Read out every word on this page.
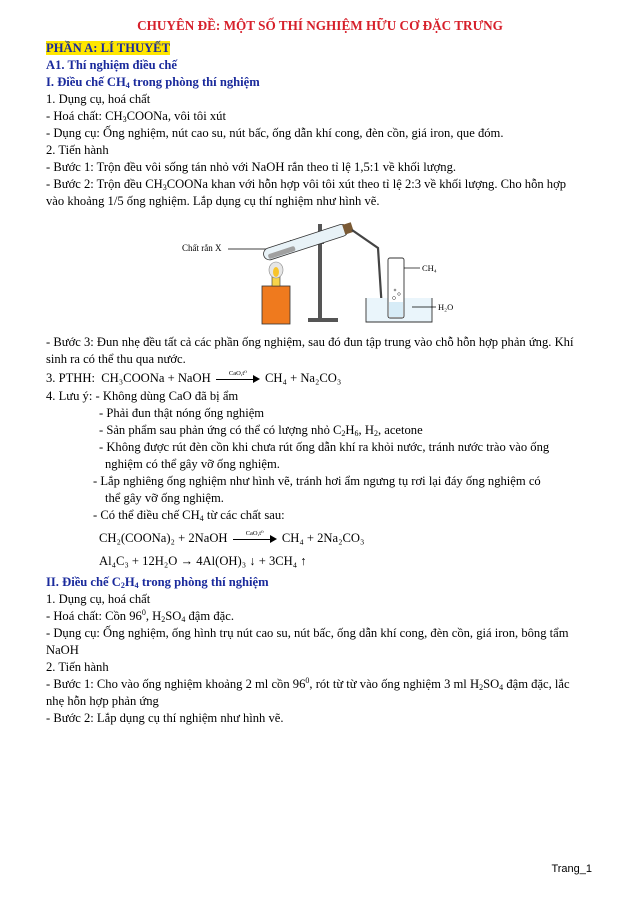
CHUYÊN ĐỀ: MỘT SỐ THÍ NGHIỆM HỮU CƠ ĐẶC TRƯNG
PHẦN A: LÍ THUYẾT
A1. Thí nghiệm điều chế
I. Điều chế $CH_4$ trong phòng thí nghiệm
1. Dụng cụ, hoá chất
- Hoá chất: $CH_3COONa$, vôi tôi xút
- Dụng cụ: Ống nghiệm, nút cao su, nút bấc, ống dẫn khí cong, đèn cồn, giá iron, que đóm.
2. Tiến hành
- Bước 1: Trộn đều vôi sống tán nhỏ với NaOH rắn theo tỉ lệ 1,5:1 về khối lượng.
- Bước 2: Trộn đều $CH_3COONa$ khan với hỗn hợp vôi tôi xút theo tỉ lệ 2:3 về khối lượng. Cho hỗn hợp
vào khoảng 1/5 ống nghiệm. Lắp dụng cụ thí nghiệm như hình vẽ.
Chất rắn X
CH₄
H₂O
- Bước 3: Đun nhẹ đều tất cả các phần ống nghiệm, sau đó đun tập trung vào chỗ hỗn hợp phản ứng. Khí
sinh ra có thể thu qua nước.
3. PTHH: CH₃COONa + NaOH	CaO,t⁰	CH₄ + Na₂CO₃
4. Lưu ý: - Không dùng CaO đã bị ẩm
- Phải đun thật nóng ống nghiệm
- Sản phẩm sau phản ứng có thể có lượng nhỏ $C_2H_6$, $H_2$, acetone
- Không được rút đèn cồn khi chưa rút ống dẫn khí ra khỏi nước, tránh nước trào vào ống
nghiệm có thể gây vỡ ống nghiệm.
- Lắp nghiêng ống nghiệm như hình vẽ, tránh hơi ẩm ngưng tụ rơi lại đáy ống nghiệm có
thể gây vỡ ống nghiệm.
- Có thể điều chế $CH_4$ từ các chất sau:
CH₂(COONa)₂ + 2NaOH	CaO,t⁰	CH₄ + 2Na₂CO₃
Al₄C₃ + 12H₂O → 4Al(OH)₃ ↓ + 3CH₄ ↑
II. Điều chế $C_2H_4$ trong phòng thí nghiệm
1. Dụng cụ, hoá chất
- Hoá chất: Cồn $96^0$, $H_2SO_4$ đậm đặc.
- Dụng cụ: Ống nghiệm, ống hình trụ nút cao su, nút bấc, ống dẫn khí cong, đèn cồn, giá iron, bông tẩm
NaOH
2. Tiến hành
- Bước 1: Cho vào ống nghiệm khoảng 2 ml cồn $96^0$, rót từ từ vào ống nghiệm 3 ml $H_2SO_4$ đậm đặc, lắc
nhẹ hỗn hợp phản ứng
- Bước 2: Lắp dụng cụ thí nghiệm như hình vẽ.
Trang_1
